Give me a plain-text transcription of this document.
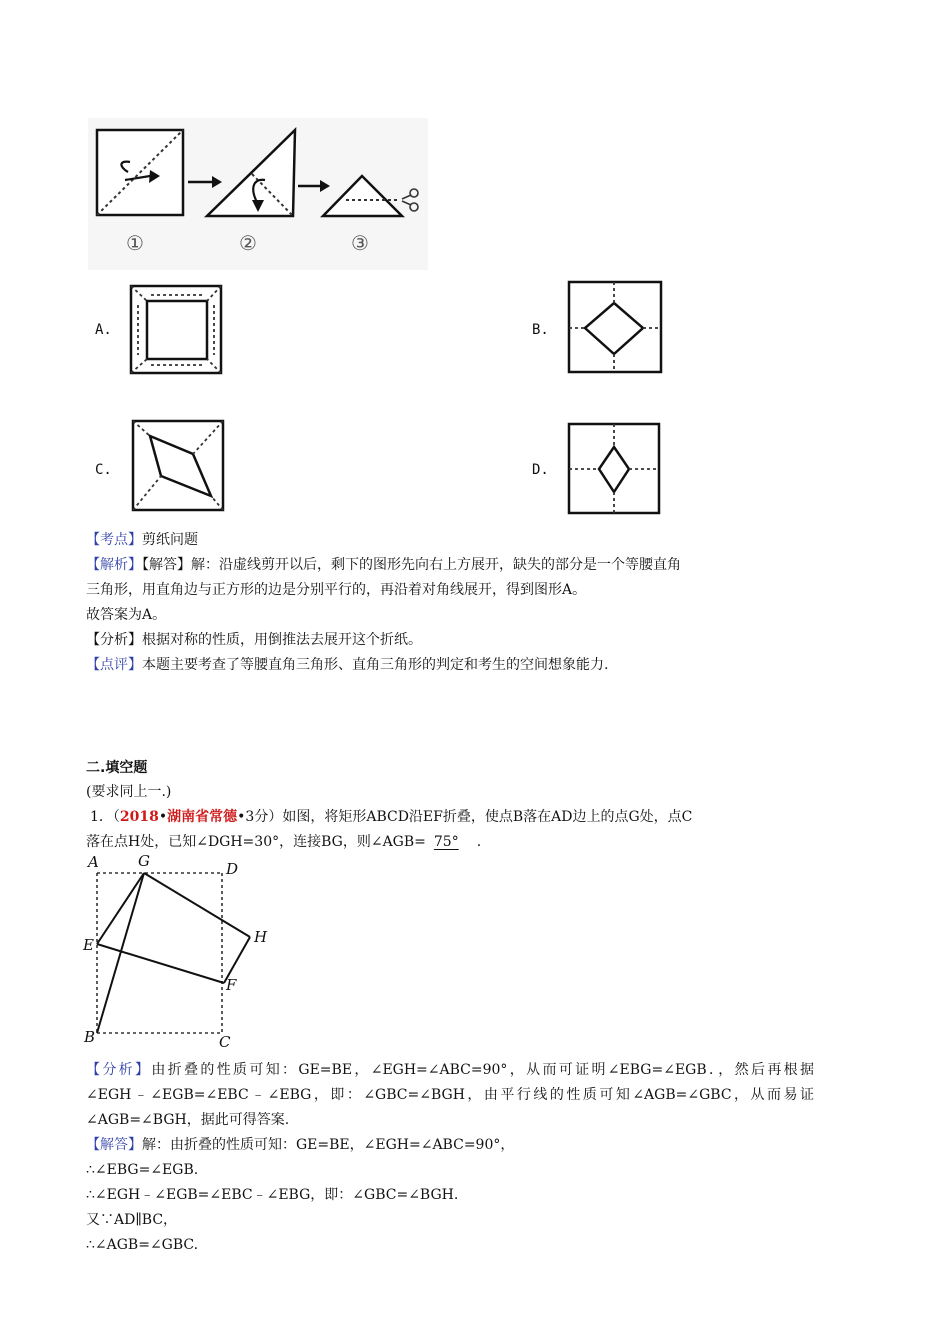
①	②	③
A.	B.
C.	D.
【考点】剪纸问题
【解析】【解答】解：沿虚线剪开以后，剩下的图形先向右上方展开，缺失的部分是一个等腰直角
三角形，用直角边与正方形的边是分别平行的，再沿着对角线展开，得到图形A。
故答案为A。
【分析】根据对称的性质，用倒推法去展开这个折纸。
【点评】本题主要考查了等腰直角三角形、直角三角形的判定和考生的空间想象能力.
二.填空题
(要求同上一.)
1．（2018•湖南省常德•3分）如图，将矩形ABCD沿EF折叠，使点B落在AD边上的点G处，点C
落在点H处，已知∠DGH=30°，连接BG，则∠AGB= 75° .
A	G	D
E	H
F
B	C
【分析】由折叠的性质可知：GE=BE，∠EGH=∠ABC=90°，从而可证明∠EBG=∠EGB．，然后再根据
∠EGH﹣∠EGB=∠EBC﹣∠EBG，即：∠GBC=∠BGH，由平行线的性质可知∠AGB=∠GBC，从而易证
∠AGB=∠BGH，据此可得答案.
【解答】解：由折叠的性质可知：GE=BE，∠EGH=∠ABC=90°，
∴∠EBG=∠EGB.
∴∠EGH﹣∠EGB=∠EBC﹣∠EBG，即：∠GBC=∠BGH.
又∵AD∥BC，
∴∠AGB=∠GBC.
